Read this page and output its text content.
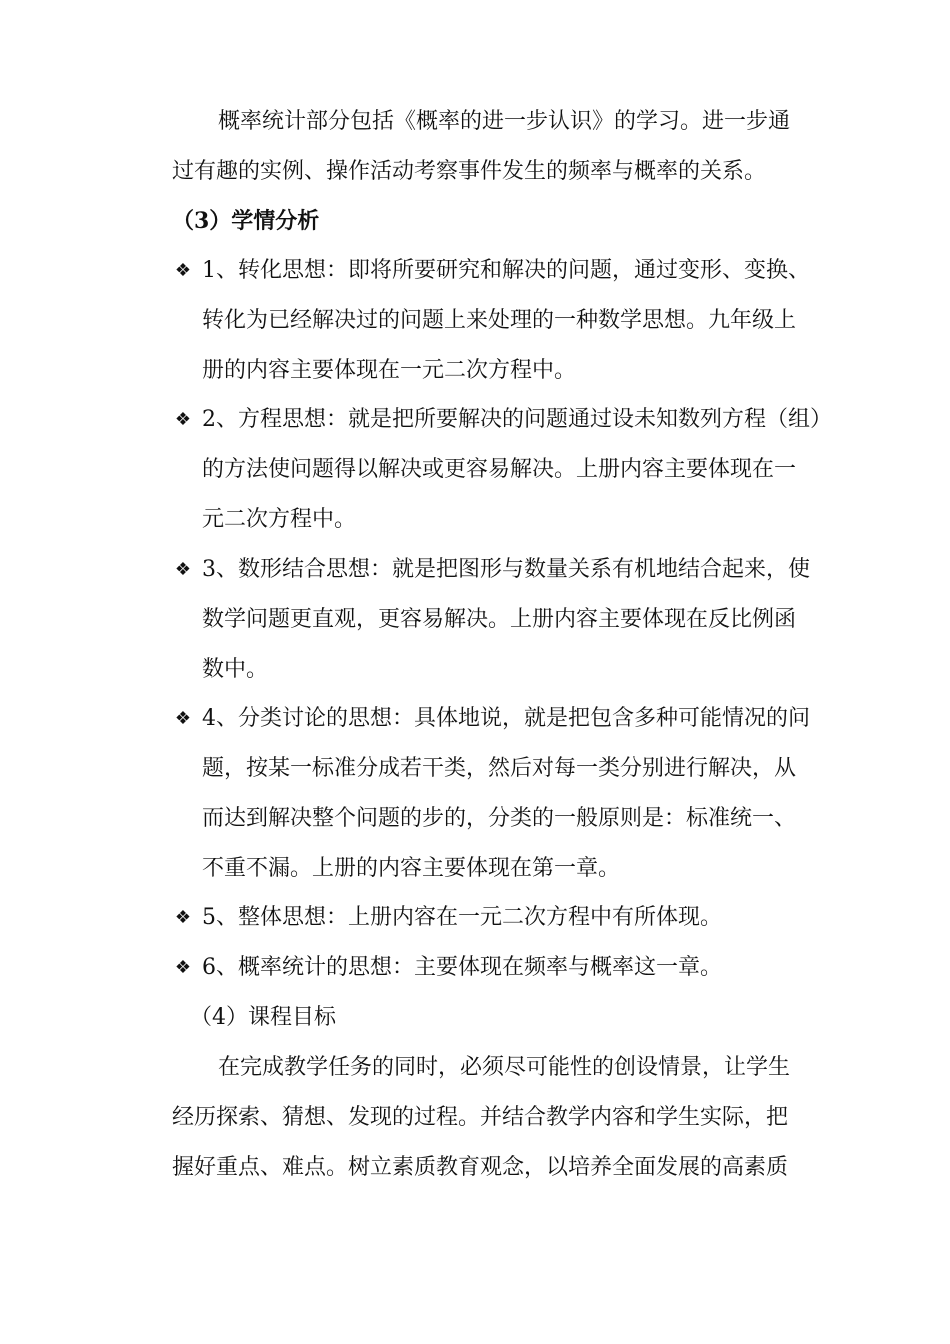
概率统计部分包括《概率的进一步认识》的学习。进一步通
过有趣的实例、操作活动考察事件发生的频率与概率的关系。
（3）学情分析
❖ 1、转化思想：即将所要研究和解决的问题，通过变形、变换、
转化为已经解决过的问题上来处理的一种数学思想。九年级上
册的内容主要体现在一元二次方程中。
❖ 2、方程思想：就是把所要解决的问题通过设未知数列方程（组）
的方法使问题得以解决或更容易解决。上册内容主要体现在一
元二次方程中。
❖ 3、数形结合思想：就是把图形与数量关系有机地结合起来，使
数学问题更直观，更容易解决。上册内容主要体现在反比例函
数中。
❖ 4、分类讨论的思想：具体地说，就是把包含多种可能情况的问
题，按某一标准分成若干类，然后对每一类分别进行解决，从
而达到解决整个问题的步的，分类的一般原则是：标准统一、
不重不漏。上册的内容主要体现在第一章。
❖ 5、整体思想：上册内容在一元二次方程中有所体现。
❖ 6、概率统计的思想：主要体现在频率与概率这一章。
（4）课程目标
在完成教学任务的同时，必须尽可能性的创设情景，让学生
经历探索、猜想、发现的过程。并结合教学内容和学生实际，把
握好重点、难点。树立素质教育观念，以培养全面发展的高素质
